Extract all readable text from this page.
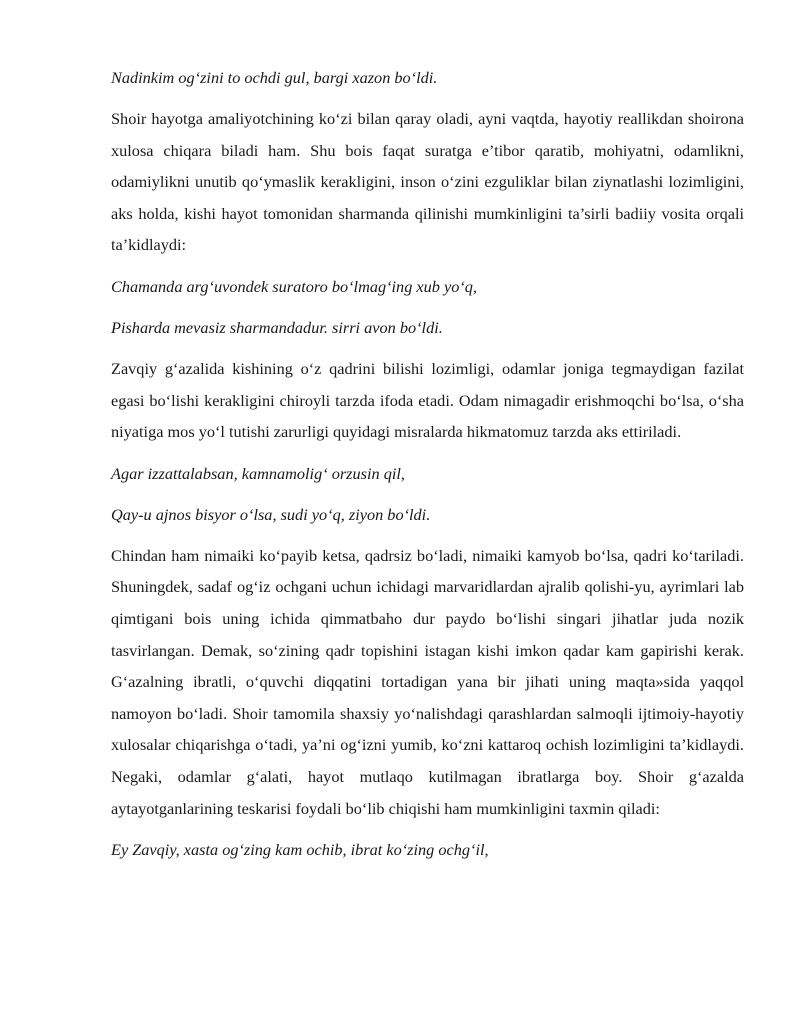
Nadinkim og‘zini to ochdi gul, bargi xazon bo‘ldi.

Shoir hayotga amaliyotchining ko‘zi bilan qaray oladi, ayni vaqtda, hayotiy reallikdan shoirona xulosa chiqara biladi ham. Shu bois faqat suratga e’tibor qaratib, mohiyatni, odamlikni, odamiylikni unutib qo‘ymaslik kerakligini, inson o‘zini ezguliklar bilan ziynatlashi lozimligini, aks holda, kishi hayot tomonidan sharmanda qilinishi mumkinligini ta’sirli badiiy vosita orqali ta’kidlaydi:

Chamanda arg‘uvondek suratoro bo‘lmag‘ing xub yo‘q,

Pisharda mevasiz sharmandadur. sirri avon bo‘ldi.

Zavqiy g‘azalida kishining o‘z qadrini bilishi lozimligi, odamlar joniga tegmaydigan fazilat egasi bo‘lishi kerakligini chiroyli tarzda ifoda etadi. Odam nimagadir erishmoqchi bo‘lsa, o‘sha niyatiga mos yo‘l tutishi zarurligi quyidagi misralarda hikmatomuz tarzda aks ettiriladi.

Agar izzattalabsan, kamnamolig‘ orzusin qil,

Qay-u ajnos bisyor o‘lsa, sudi yo‘q, ziyon bo‘ldi.

Chindan ham nimaiki ko‘payib ketsa, qadrsiz bo‘ladi, nimaiki kamyob bo‘lsa, qadri ko‘tariladi. Shuningdek, sadaf og‘iz ochgani uchun ichidagi marvaridlardan ajralib qolishi-yu, ayrimlari lab qimtigani bois uning ichida qimmatbaho dur paydo bo‘lishi singari jihatlar juda nozik tasvirlangan. Demak, so‘zining qadr topishini istagan kishi imkon qadar kam gapirishi kerak. G‘azalning ibratli, o‘quvchi diqqatini tortadigan yana bir jihati uning maqta»sida yaqqol namoyon bo‘ladi. Shoir tamomila shaxsiy yo‘nalishdagi qarashlardan salmoqli ijtimoiy-hayotiy xulosalar chiqarishga o‘tadi, ya’ni og‘izni yumib, ko‘zni kattaroq ochish lozimligini ta’kidlaydi. Negaki, odamlar g‘alati, hayot mutlaqo kutilmagan ibratlarga boy. Shoir g‘azalda aytayotganlarining teskarisi foydali bo‘lib chiqishi ham mumkinligini taxmin qiladi:

Ey Zavqiy, xasta og‘zing kam ochib, ibrat ko‘zing ochg‘il,
